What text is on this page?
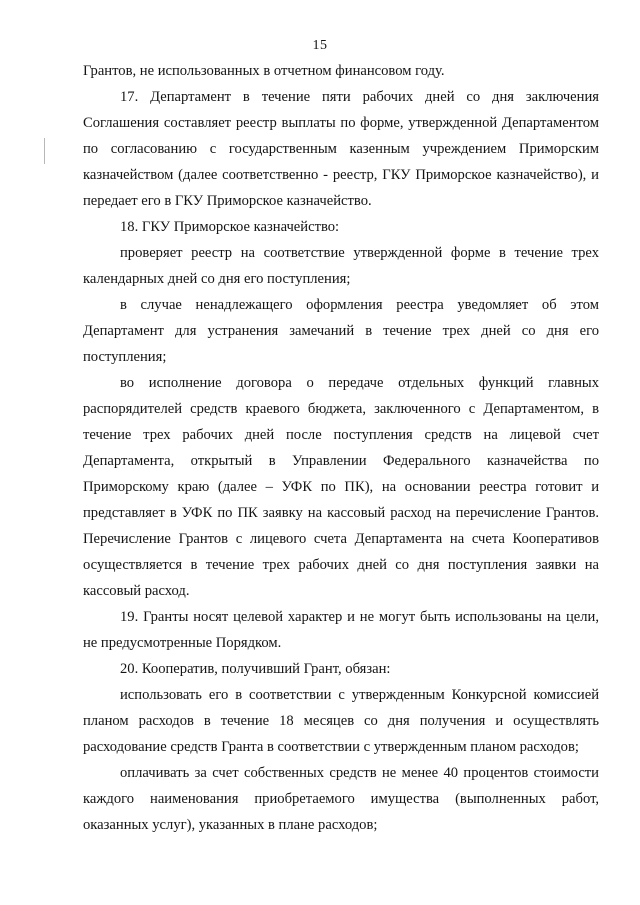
15

Грантов, не использованных в отчетном финансовом году.

17. Департамент в течение пяти рабочих дней со дня заключения Соглашения составляет реестр выплаты по форме, утвержденной Департаментом по согласованию с государственным казенным учреждением Приморским казначейством (далее соответственно - реестр, ГКУ Приморское казначейство), и передает его в ГКУ Приморское казначейство.

18. ГКУ Приморское казначейство:

проверяет реестр на соответствие утвержденной форме в течение трех календарных дней со дня его поступления;

в случае ненадлежащего оформления реестра уведомляет об этом Департамент для устранения замечаний в течение трех дней со дня его поступления;

во исполнение договора о передаче отдельных функций главных распорядителей средств краевого бюджета, заключенного с Департаментом, в течение трех рабочих дней после поступления средств на лицевой счет Департамента, открытый в Управлении Федерального казначейства по Приморскому краю (далее – УФК по ПК), на основании реестра готовит и представляет в УФК по ПК заявку на кассовый расход на перечисление Грантов. Перечисление Грантов с лицевого счета Департамента на счета Кооперативов осуществляется в течение трех рабочих дней со дня поступления заявки на кассовый расход.

19. Гранты носят целевой характер и не могут быть использованы на цели, не предусмотренные Порядком.

20. Кооператив, получивший Грант, обязан:

использовать его в соответствии с утвержденным Конкурсной комиссией планом расходов в течение 18 месяцев со дня получения и осуществлять расходование средств Гранта в соответствии с утвержденным планом расходов;

оплачивать за счет собственных средств не менее 40 процентов стоимости каждого наименования приобретаемого имущества (выполненных работ, оказанных услуг), указанных в плане расходов;
